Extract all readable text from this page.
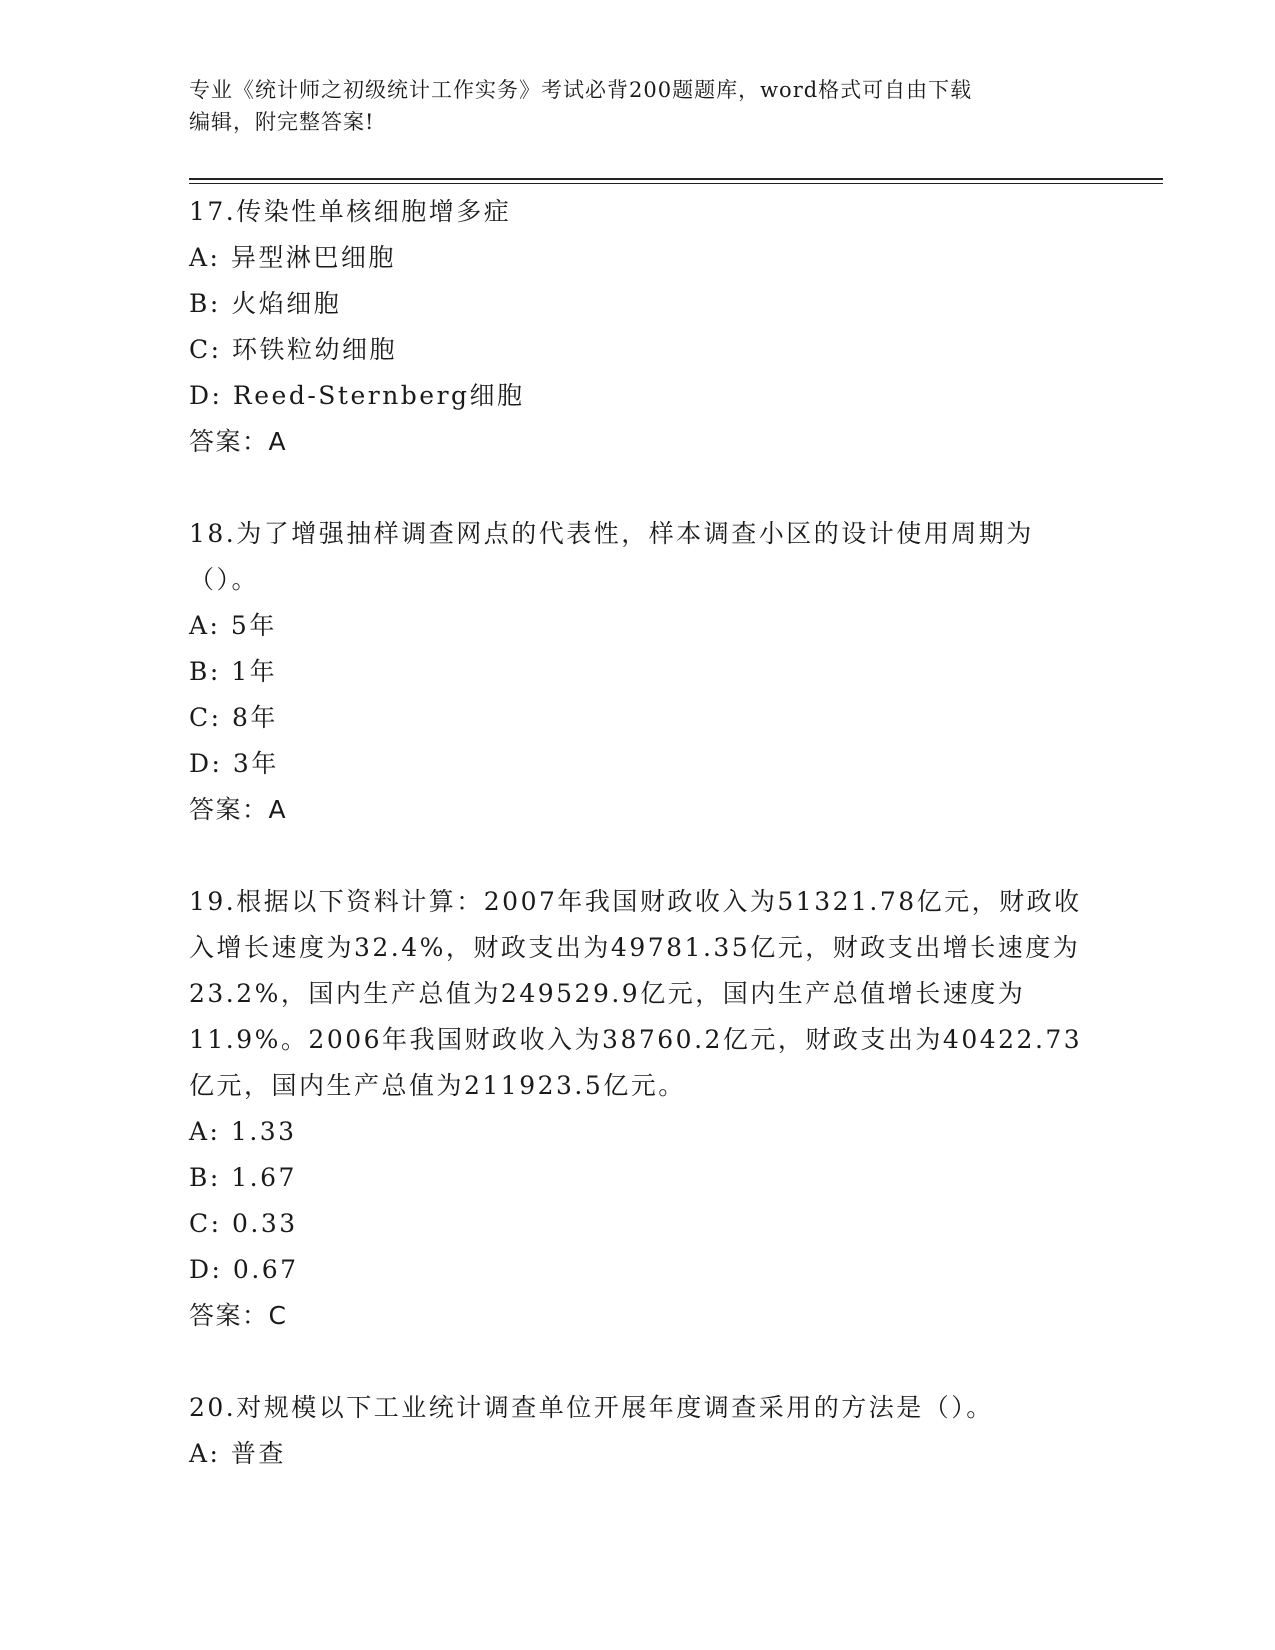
专业《统计师之初级统计工作实务》考试必背200题题库，word格式可自由下载
编辑，附完整答案!
17.传染性单核细胞增多症
A: 异型淋巴细胞
B: 火焰细胞
C: 环铁粒幼细胞
D: Reed-Sternberg细胞
答案：A
18.为了增强抽样调查网点的代表性，样本调查小区的设计使用周期为（）。
A: 5年
B: 1年
C: 8年
D: 3年
答案：A
19.根据以下资料计算：2007年我国财政收入为51321.78亿元，财政收入增长速度为32.4%，财政支出为49781.35亿元，财政支出增长速度为23.2%，国内生产总值为249529.9亿元，国内生产总值增长速度为11.9%。2006年我国财政收入为38760.2亿元，财政支出为40422.73亿元，国内生产总值为211923.5亿元。
A: 1.33
B: 1.67
C: 0.33
D: 0.67
答案：C
20.对规模以下工业统计调查单位开展年度调查采用的方法是（）。
A: 普查
